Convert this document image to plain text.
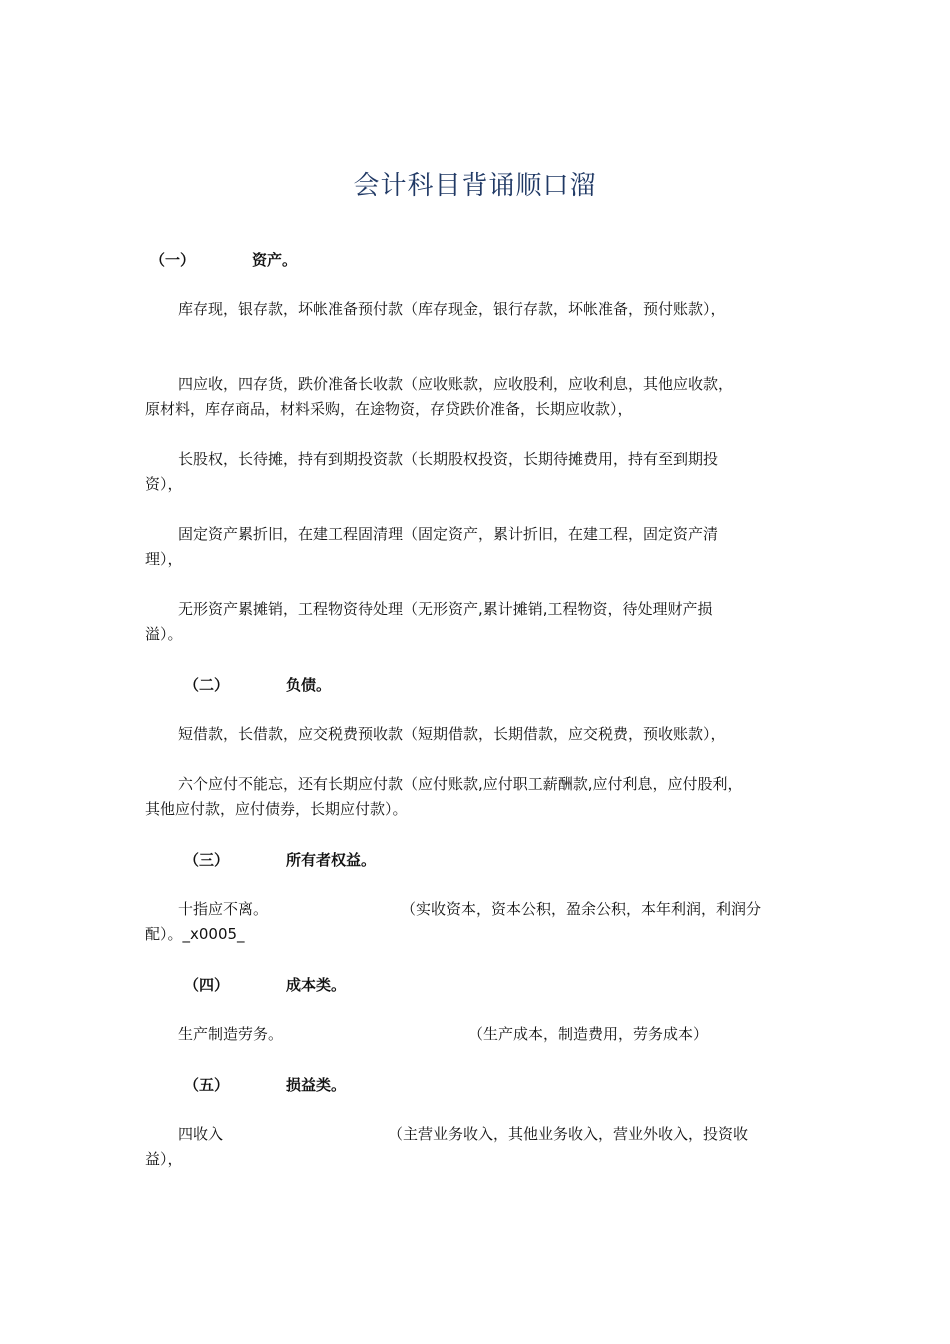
会计科目背诵顺口溜
（一）	资产。
库存现，银存款，坏帐准备预付款（库存现金，银行存款，坏帐准备，预付账款），
四应收，四存货，跌价准备长收款（应收账款，应收股利，应收利息，其他应收款，
原材料，库存商品，材料采购，在途物资，存贷跌价准备，长期应收款），
长股权，长待摊，持有到期投资款（长期股权投资，长期待摊费用，持有至到期投
资），
固定资产累折旧，在建工程固清理（固定资产，累计折旧，在建工程，固定资产清
理），
无形资产累摊销，工程物资待处理（无形资产,累计摊销,工程物资，待处理财产损
溢）。
（二）	负债。
短借款，长借款，应交税费预收款（短期借款，长期借款，应交税费，预收账款），
六个应付不能忘，还有长期应付款（应付账款,应付职工薪酬款,应付利息，应付股利，
其他应付款，应付债券，长期应付款）。
（三）	所有者权益。
十指应不离。	（实收资本，资本公积，盈余公积，本年利润，利润分
配）。_x0005_
（四）	成本类。
生产制造劳务。	（生产成本，制造费用，劳务成本）
（五）	损益类。
四收入	（主营业务收入，其他业务收入，营业外收入，投资收
益），
